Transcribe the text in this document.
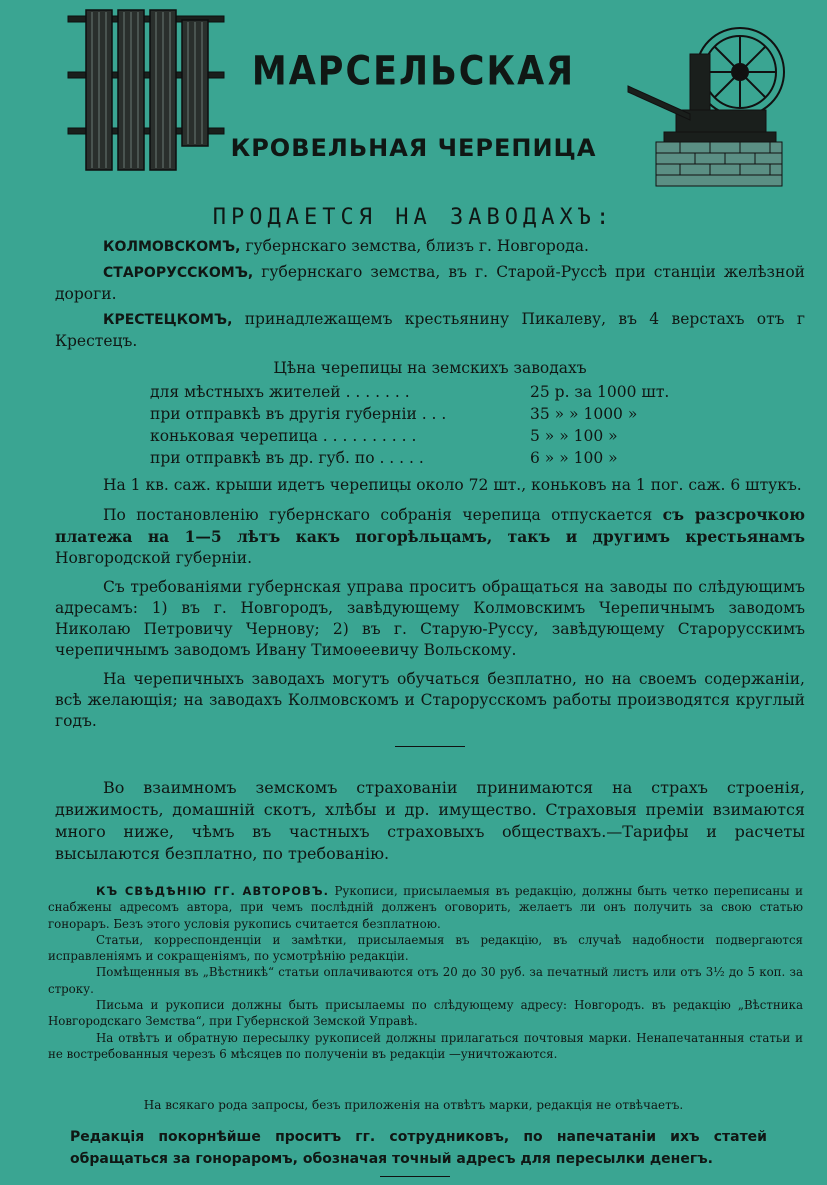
МАРСЕЛЬСКАЯ
КРОВЕЛЬНАЯ ЧЕРЕПИЦА
ПРОДАЕТСЯ НА ЗАВОДАХЪ:

КОЛМОВСКОМЪ, губернскаго земства, близъ г. Новгорода.

СТАРОРУССКОМЪ, губернскаго земства, въ г. Старой-Руссѣ при станціи желѣзной дороги.

КРЕСТЕЦКОМЪ, принадлежащемъ крестьянину Пикалеву, въ 4 верстахъ отъ г Крестецъ.

Цѣна черепицы на земскихъ заводахъ
для мѣстныхъ жителей . . . . . . .	25 р. за 1000 шт.
при отправкѣ въ другія губерніи . . .	35 » » 1000 »
коньковая черепица . . . . . . . . . .	5 » » 100 »
при отправкѣ въ др. губ. по . . . . .	6 » » 100 »

На 1 кв. саж. крыши идетъ черепицы около 72 шт., коньковъ на 1 пог. саж. 6 штукъ.

По постановленію губернскаго собранія черепица отпускается съ разсрочкою платежа на 1—5 лѣтъ какъ погорѣльцамъ, такъ и другимъ крестьянамъ Новгородской губерніи.

Съ требованіями губернская управа проситъ обращаться на заводы по слѣдующимъ адресамъ: 1) въ г. Новгородъ, завѣдующему Колмовскимъ Черепичнымъ заводомъ Николаю Петровичу Чернову; 2) въ г. Старую-Руссу, завѣдующему Старорусскимъ черепичнымъ заводомъ Ивану Тимоѳеевичу Вольскому.

На черепичныхъ заводахъ могутъ обучаться безплатно, но на своемъ содержаніи, всѣ желающія; на заводахъ Колмовскомъ и Старорусскомъ работы производятся круглый годъ.

Во взаимномъ земскомъ страхованіи принимаются на страхъ строенія, движимость, домашній скотъ, хлѣбы и др. имущество. Страховыя преміи взимаются много ниже, чѣмъ въ частныхъ страховыхъ обществахъ.—Тарифы и расчеты высылаются безплатно, по требованію.

КЪ СВѢДѢНІЮ ГГ. АВТОРОВЪ. Рукописи, присылаемыя въ редакцію, должны быть четко переписаны и снабжены адресомъ автора, при чемъ послѣдній долженъ оговорить, желаетъ ли онъ получить за свою статью гонораръ. Безъ этого условія рукопись считается безплатною.

Статьи, корреспонденціи и замѣтки, присылаемыя въ редакцію, въ случаѣ надобности подвергаются исправленіямъ и сокращеніямъ, по усмотрѣнію редакціи.

Помѣщенныя въ „Вѣстникѣ“ статьи оплачиваются отъ 20 до 30 руб. за печатный листъ или отъ 3½ до 5 коп. за строку.

Письма и рукописи должны быть присылаемы по слѣдующему адресу: Новгородъ. въ редакцію „Вѣстника Новгородскаго Земства“, при Губернской Земской Управѣ.

На отвѣтъ и обратную пересылку рукописей должны прилагаться почтовыя марки. Ненапечатанныя статьи и не востребованныя черезъ 6 мѣсяцев по полученіи въ редакціи —уничтожаются.

На всякаго рода запросы, безъ приложенія на отвѣтъ марки, редакція не отвѣчаетъ.
Редакція покорнѣйше проситъ гг. сотрудниковъ, по напечатаніи ихъ статей обращаться за гонораромъ, обозначая точный адресъ для пересылки денегъ.
